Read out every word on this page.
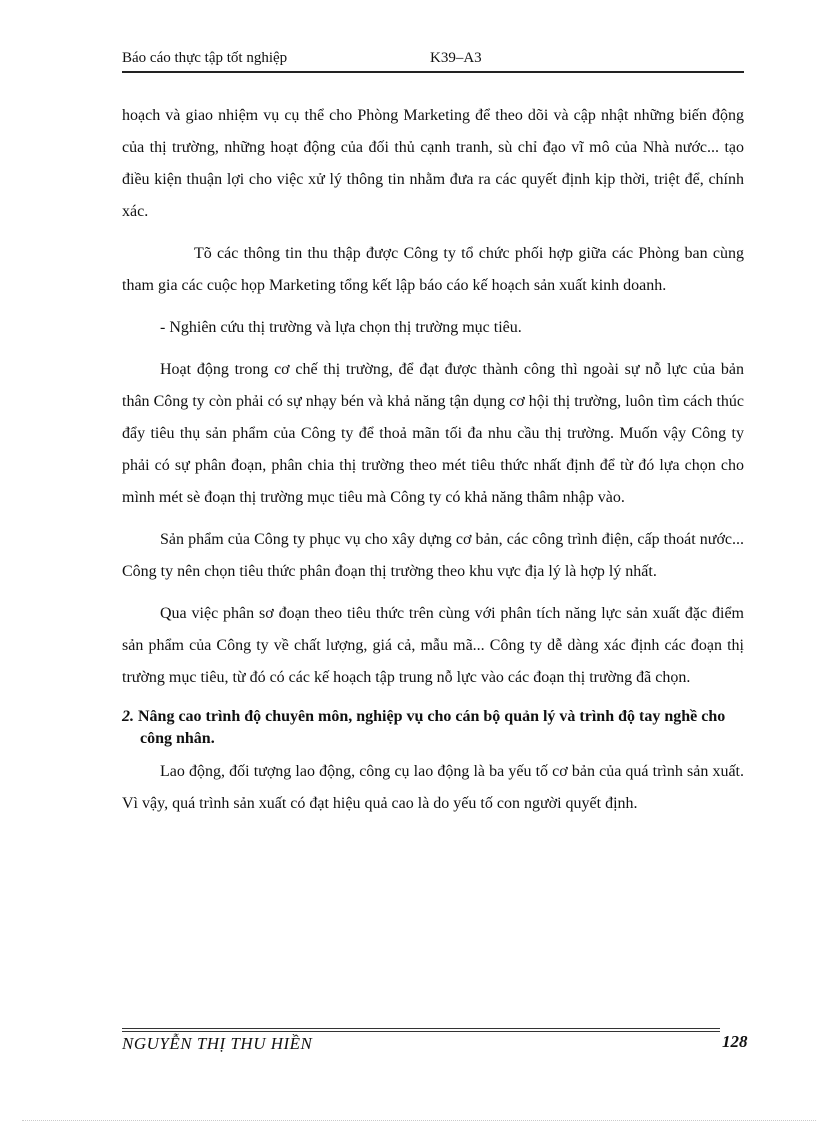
Báo cáo thực tập tốt nghiệp	K39–A3

hoạch và giao nhiệm vụ cụ thể cho Phòng Marketing để theo dõi và cập nhật những biến động của thị trường, những hoạt động của đối thủ cạnh tranh, sù chỉ đạo vĩ mô của Nhà nước... tạo điều kiện thuận lợi cho việc xử lý thông tin nhằm đưa ra các quyết định kịp thời, triệt để, chính xác.

Tõ các thông tin thu thập được Công ty tổ chức phối hợp giữa các Phòng ban cùng tham gia các cuộc họp Marketing tổng kết lập báo cáo kế hoạch sản xuất kinh doanh.

- Nghiên cứu thị trường và lựa chọn thị trường mục tiêu.

Hoạt động trong cơ chế thị trường, để đạt được thành công thì ngoài sự nỗ lực của bản thân Công ty còn phải có sự nhạy bén và khả năng tận dụng cơ hội thị trường, luôn tìm cách thúc đẩy tiêu thụ sản phẩm của Công ty để thoả mãn tối đa nhu cầu thị trường. Muốn vậy Công ty phải có sự phân đoạn, phân chia thị trường theo mét tiêu thức nhất định để từ đó lựa chọn cho mình mét sè đoạn thị trường mục tiêu mà Công ty có khả năng thâm nhập vào.

Sản phẩm của Công ty phục vụ cho xây dựng cơ bản, các công trình điện, cấp thoát nước... Công ty nên chọn tiêu thức phân đoạn thị trường theo khu vực địa lý là hợp lý nhất.

Qua việc phân sơ đoạn theo tiêu thức trên cùng với phân tích năng lực sản xuất đặc điểm sản phẩm của Công ty về chất lượng, giá cả, mẫu mã... Công ty dễ dàng xác định các đoạn thị trường mục tiêu, từ đó có các kế hoạch tập trung nỗ lực vào các đoạn thị trường đã chọn.

2. Nâng cao trình độ chuyên môn, nghiệp vụ cho cán bộ quản lý và trình độ tay nghề cho công nhân.

Lao động, đối tượng lao động, công cụ lao động là ba yếu tố cơ bản của quá trình sản xuất. Vì vậy, quá trình sản xuất có đạt hiệu quả cao là do yếu tố con người quyết định.

NGUYỄN THỊ THU HIỀN	128
